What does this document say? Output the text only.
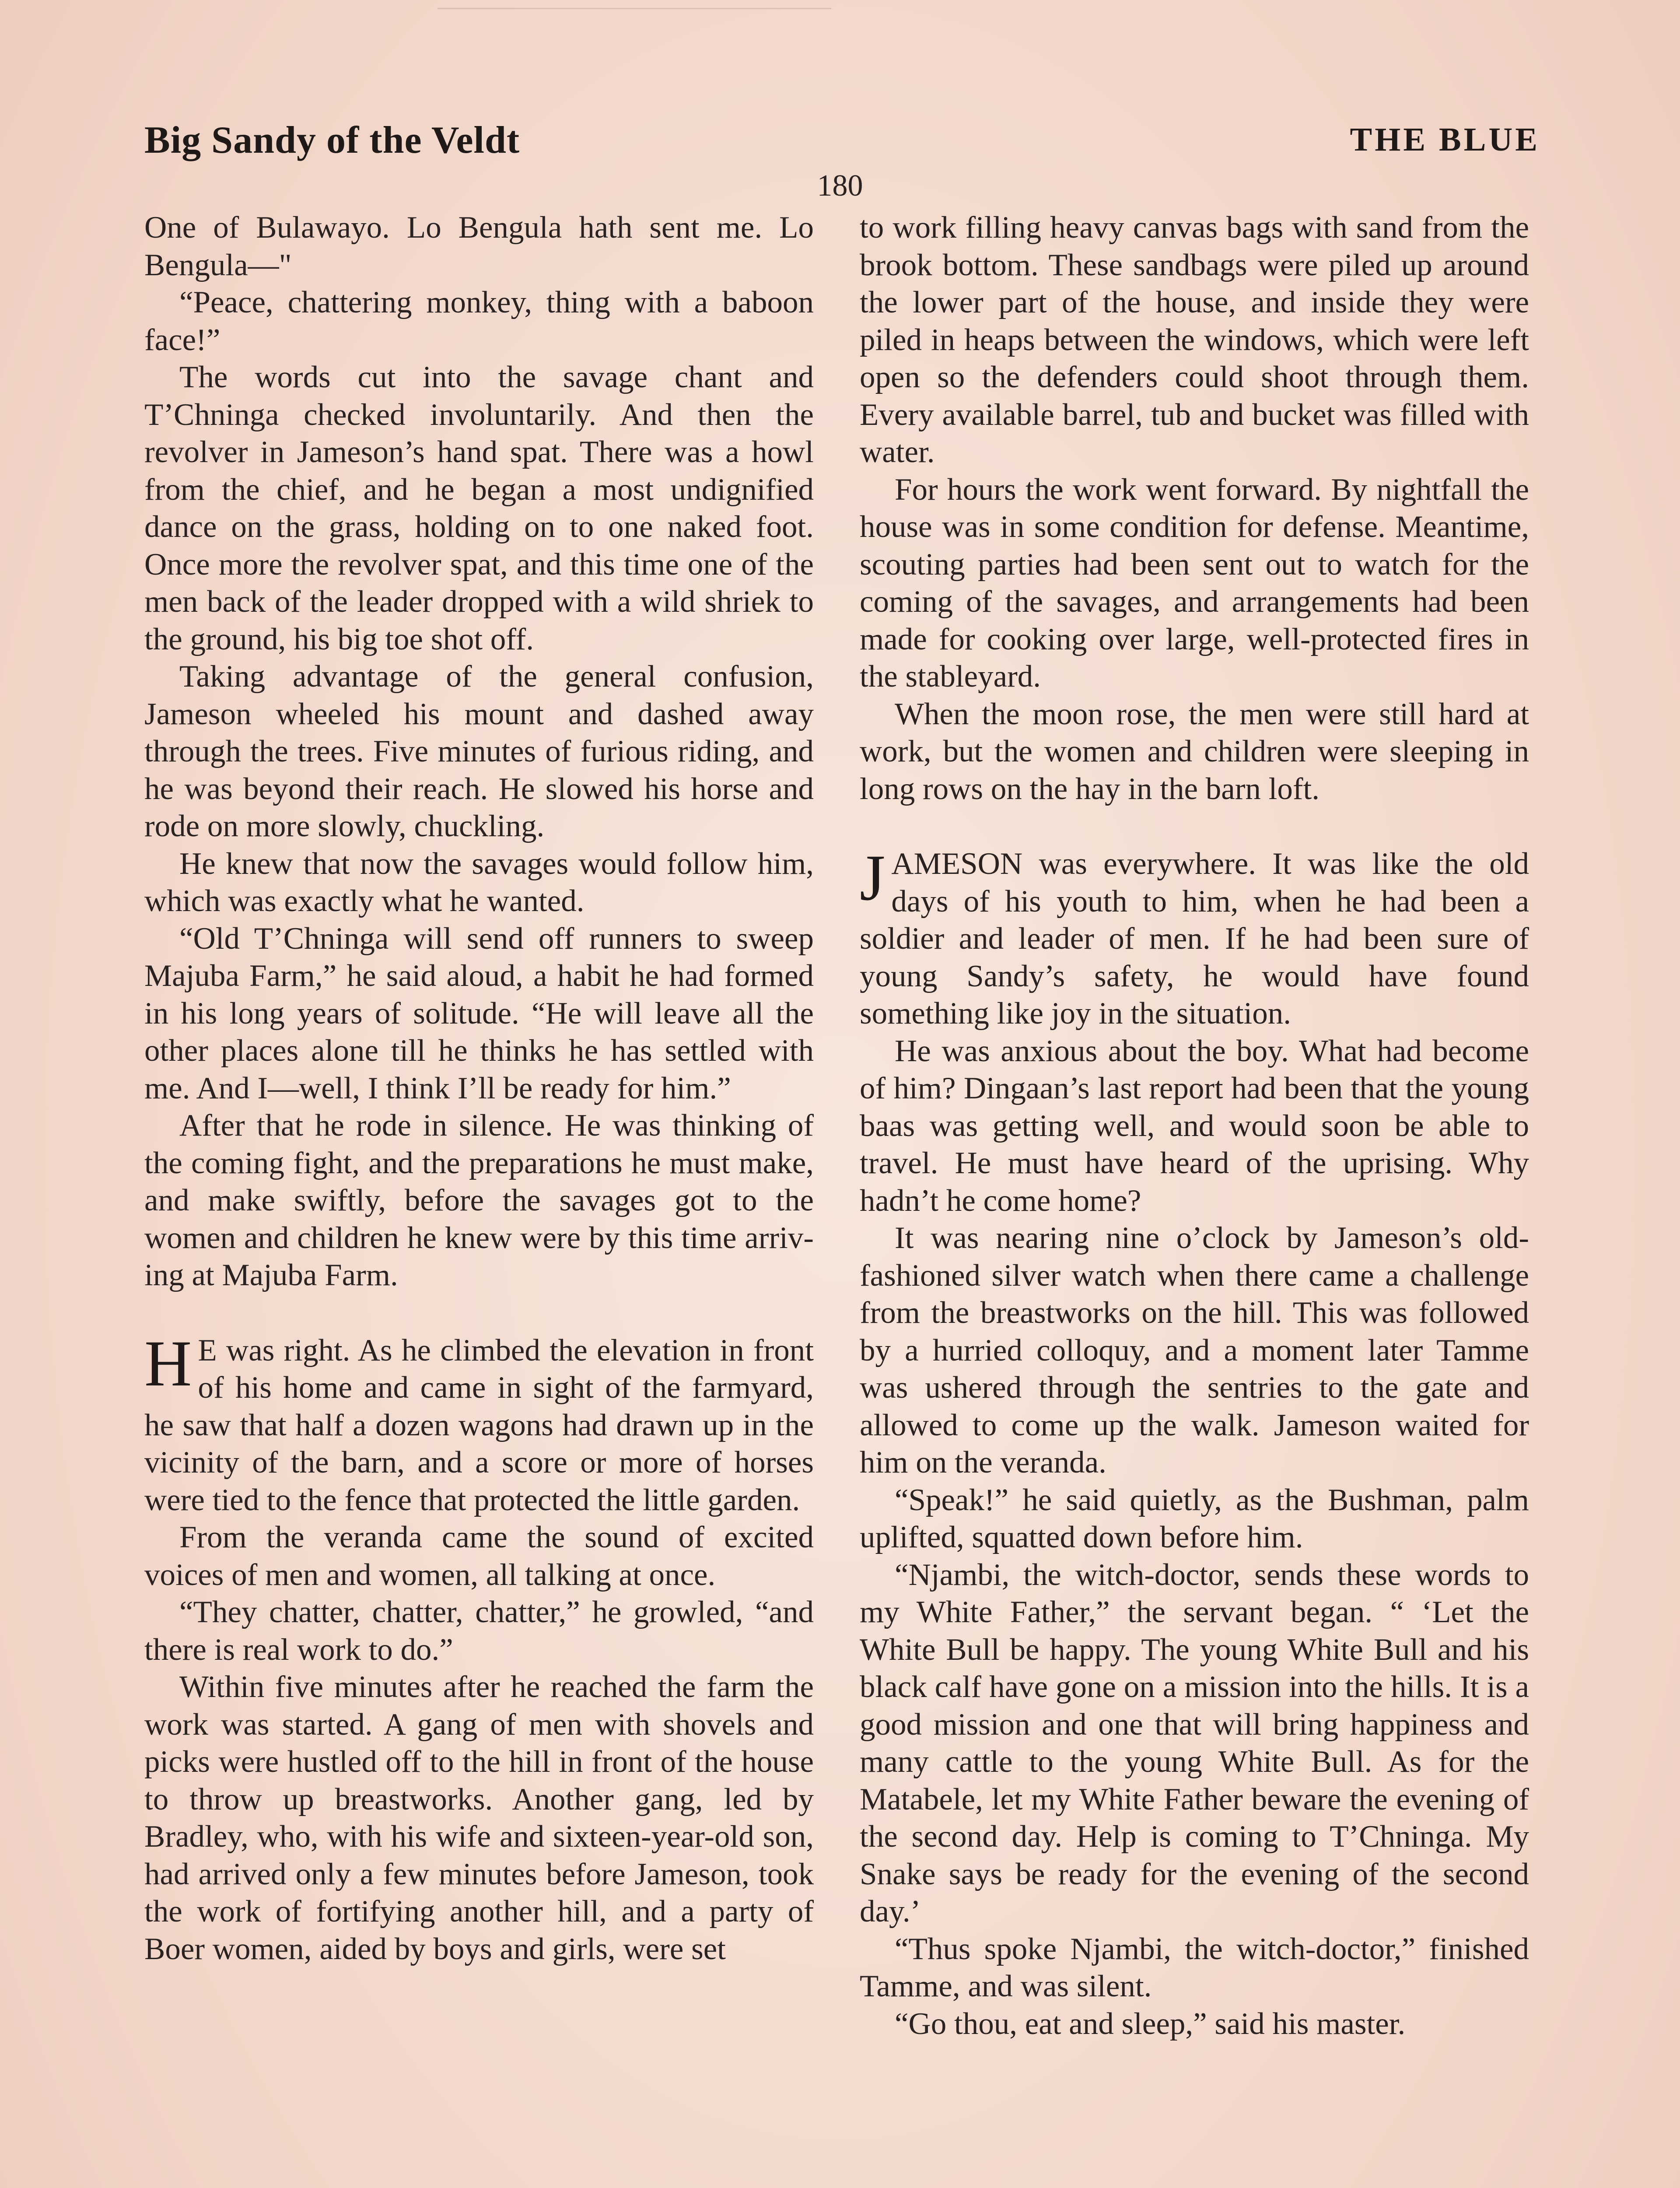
Big Sandy of the Veldt	THE BLUE
180

One of Bulawayo. Lo Bengula hath sent me. Lo Bengula—"

“Peace, chattering monkey, thing with a baboon face!”

The words cut into the savage chant and T’Chninga checked involuntarily. And then the revolver in Jameson’s hand spat. There was a howl from the chief, and he began a most undignified dance on the grass, holding on to one naked foot. Once more the revolver spat, and this time one of the men back of the leader dropped with a wild shriek to the ground, his big toe shot off.

Taking advantage of the general confusion, Jameson wheeled his mount and dashed away through the trees. Five minutes of furious riding, and he was beyond their reach. He slowed his horse and rode on more slowly, chuckling.

He knew that now the savages would follow him, which was exactly what he wanted.

“Old T’Chninga will send off runners to sweep Majuba Farm,” he said aloud, a habit he had formed in his long years of solitude. “He will leave all the other places alone till he thinks he has settled with me. And I—well, I think I’ll be ready for him.”

After that he rode in silence. He was thinking of the coming fight, and the preparations he must make, and make swiftly, before the savages got to the women and children he knew were by this time arriving at Majuba Farm.

H E was right. As he climbed the elevation in front of his home and came in sight of the farmyard, he saw that half a dozen wagons had drawn up in the vicinity of the barn, and a score or more of horses were tied to the fence that protected the little garden.

From the veranda came the sound of excited voices of men and women, all talking at once.

“They chatter, chatter, chatter,” he growled, “and there is real work to do.”

Within five minutes after he reached the farm the work was started. A gang of men with shovels and picks were hustled off to the hill in front of the house to throw up breastworks. Another gang, led by Bradley, who, with his wife and sixteen-year-old son, had arrived only a few minutes before Jameson, took the work of fortifying another hill, and a party of Boer women, aided by boys and girls, were set

to work filling heavy canvas bags with sand from the brook bottom. These sandbags were piled up around the lower part of the house, and inside they were piled in heaps between the windows, which were left open so the defenders could shoot through them. Every available barrel, tub and bucket was filled with water.

For hours the work went forward. By nightfall the house was in some condition for defense. Meantime, scouting parties had been sent out to watch for the coming of the savages, and arrangements had been made for cooking over large, well-protected fires in the stableyard.

When the moon rose, the men were still hard at work, but the women and children were sleeping in long rows on the hay in the barn loft.

JAMESON was everywhere. It was like the old days of his youth to him, when he had been a soldier and leader of men. If he had been sure of young Sandy’s safety, he would have found something like joy in the situation.

He was anxious about the boy. What had become of him? Dingaan’s last report had been that the young baas was getting well, and would soon be able to travel. He must have heard of the uprising. Why hadn’t he come home?

It was nearing nine o’clock by Jameson’s old-fashioned silver watch when there came a challenge from the breastworks on the hill. This was followed by a hurried colloquy, and a moment later Tamme was ushered through the sentries to the gate and allowed to come up the walk. Jameson waited for him on the veranda.

“Speak!” he said quietly, as the Bushman, palm uplifted, squatted down before him.

“Njambi, the witch-doctor, sends these words to my White Father,” the servant began. “ ‘Let the White Bull be happy. The young White Bull and his black calf have gone on a mission into the hills. It is a good mission and one that will bring happiness and many cattle to the young White Bull. As for the Matabele, let my White Father beware the evening of the second day. Help is coming to T’Chninga. My Snake says be ready for the evening of the second day.’

“Thus spoke Njambi, the witch-doctor,” finished Tamme, and was silent.

“Go thou, eat and sleep,” said his master.
